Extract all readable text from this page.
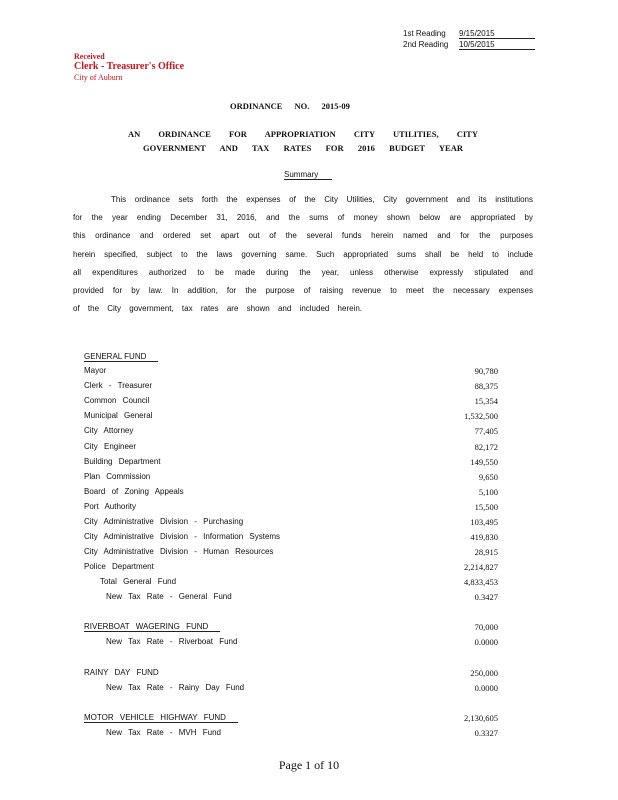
1st Reading 9/15/2015
2nd Reading 10/5/2015
Received
Clerk - Treasurer's Office
City of Auburn
ORDINANCE NO. 2015-09
AN ORDINANCE FOR APPROPRIATION CITY UTILITIES, CITY
GOVERNMENT AND TAX RATES FOR 2016 BUDGET YEAR
Summary

This ordinance sets forth the expenses of the City Utilities, City government and its institutions for the year ending December 31, 2016, and the sums of money shown below are appropriated by this ordinance and ordered set apart out of the several funds herein named and for the purposes herein specified, subject to the laws governing same. Such appropriated sums shall be held to include all expenditures authorized to be made during the year, unless otherwise expressly stipulated and provided for by law. In addition, for the purpose of raising revenue to meet the necessary expenses of the City government, tax rates are shown and included herein.

GENERAL FUND
Mayor	90,780
Clerk - Treasurer	88,375
Common Council	15,354
Municipal General	1,532,500
City Attorney	77,405
City Engineer	82,172
Building Department	149,550
Plan Commission	9,650
Board of Zoning Appeals	5,100
Port Authority	15,500
City Administrative Division - Purchasing	103,495
City Administrative Division - Information Systems	419,830
City Administrative Division - Human Resources	28,915
Police Department	2,214,827
Total General Fund	4,833,453
New Tax Rate - General Fund	0.3427
RIVERBOAT WAGERING FUND	70,000
New Tax Rate - Riverboat Fund	0.0000
RAINY DAY FUND	250,000
New Tax Rate - Rainy Day Fund	0.0000
MOTOR VEHICLE HIGHWAY FUND	2,130,605
New Tax Rate - MVH Fund	0.3327
Page 1 of 10
